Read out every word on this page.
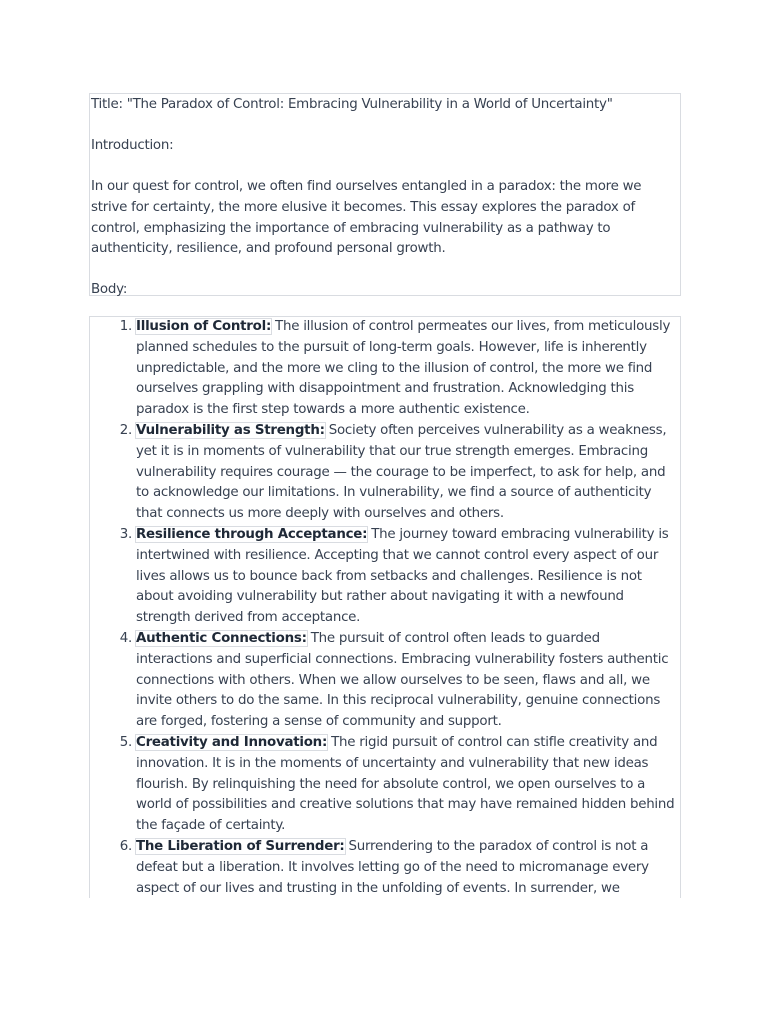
Title: "The Paradox of Control: Embracing Vulnerability in a World of Uncertainty"

Introduction:

In our quest for control, we often find ourselves entangled in a paradox: the more we strive for certainty, the more elusive it becomes. This essay explores the paradox of control, emphasizing the importance of embracing vulnerability as a pathway to authenticity, resilience, and profound personal growth.

Body:

1. Illusion of Control: The illusion of control permeates our lives, from meticulously planned schedules to the pursuit of long-term goals. However, life is inherently unpredictable, and the more we cling to the illusion of control, the more we find ourselves grappling with disappointment and frustration. Acknowledging this paradox is the first step towards a more authentic existence.
2. Vulnerability as Strength: Society often perceives vulnerability as a weakness, yet it is in moments of vulnerability that our true strength emerges. Embracing vulnerability requires courage — the courage to be imperfect, to ask for help, and to acknowledge our limitations. In vulnerability, we find a source of authenticity that connects us more deeply with ourselves and others.
3. Resilience through Acceptance: The journey toward embracing vulnerability is intertwined with resilience. Accepting that we cannot control every aspect of our lives allows us to bounce back from setbacks and challenges. Resilience is not about avoiding vulnerability but rather about navigating it with a newfound strength derived from acceptance.
4. Authentic Connections: The pursuit of control often leads to guarded interactions and superficial connections. Embracing vulnerability fosters authentic connections with others. When we allow ourselves to be seen, flaws and all, we invite others to do the same. In this reciprocal vulnerability, genuine connections are forged, fostering a sense of community and support.
5. Creativity and Innovation: The rigid pursuit of control can stifle creativity and innovation. It is in the moments of uncertainty and vulnerability that new ideas flourish. By relinquishing the need for absolute control, we open ourselves to a world of possibilities and creative solutions that may have remained hidden behind the façade of certainty.
6. The Liberation of Surrender: Surrendering to the paradox of control is not a defeat but a liberation. It involves letting go of the need to micromanage every aspect of our lives and trusting in the unfolding of events. In surrender, we
